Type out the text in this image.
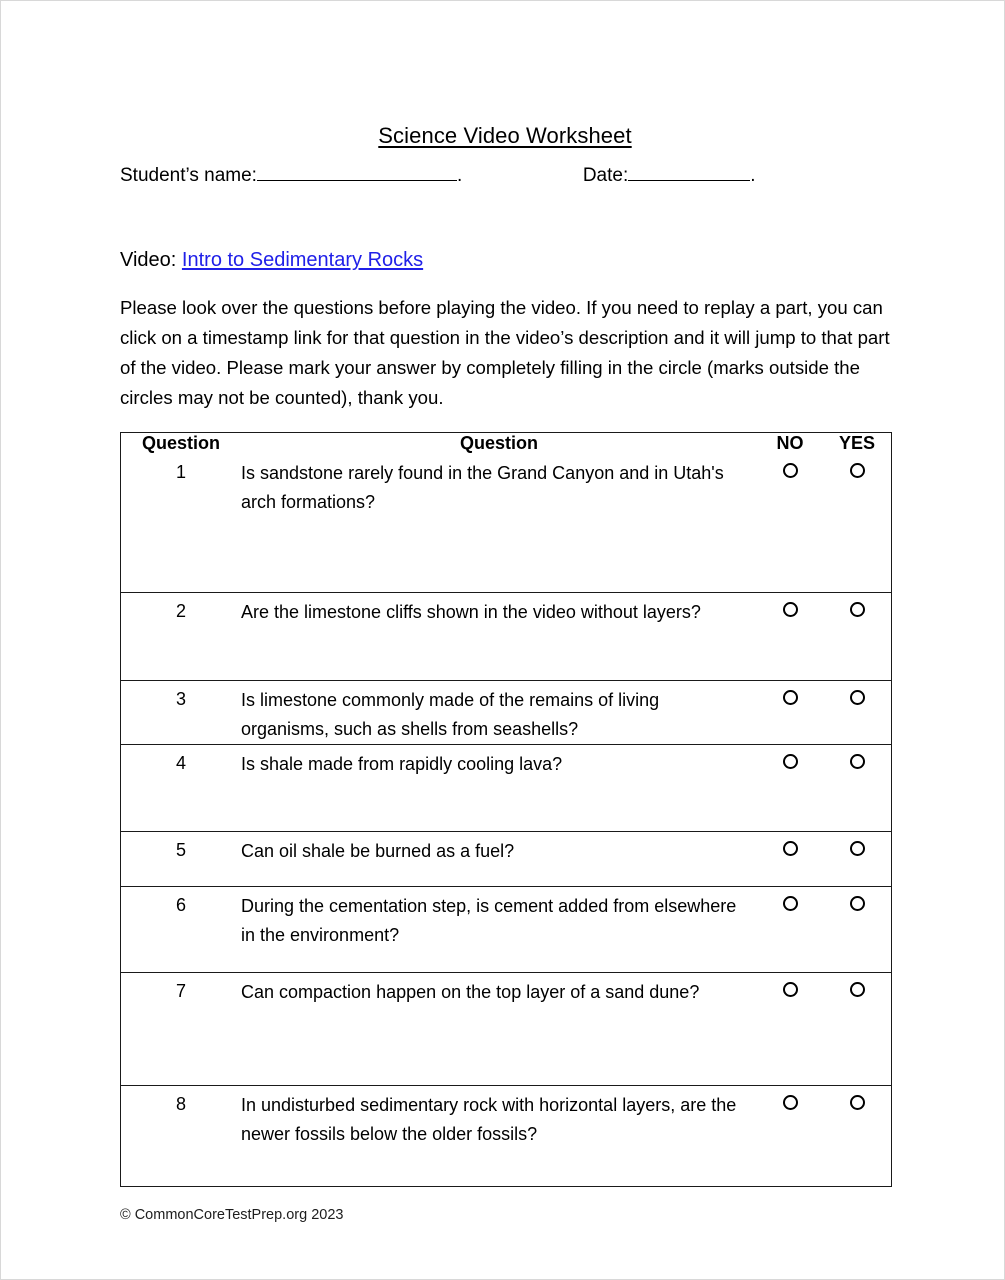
Science Video Worksheet
Student’s name:	.	Date:	.
Video: Intro to Sedimentary Rocks
Please look over the questions before playing the video. If you need to replay a part, you can click on a timestamp link for that question in the video’s description and it will jump to that part of the video. Please mark your answer by completely filling in the circle (marks outside the circles may not be counted), thank you.
Question	Question	NO	YES
1	Is sandstone rarely found in the Grand Canyon and in Utah's arch formations?		
2	Are the limestone cliffs shown in the video without layers?		
3	Is limestone commonly made of the remains of living organisms, such as shells from seashells?		
4	Is shale made from rapidly cooling lava?		
5	Can oil shale be burned as a fuel?		
6	During the cementation step, is cement added from elsewhere in the environment?		
7	Can compaction happen on the top layer of a sand dune?		
8	In undisturbed sedimentary rock with horizontal layers, are the newer fossils below the older fossils?		
© CommonCoreTestPrep.org 2023
